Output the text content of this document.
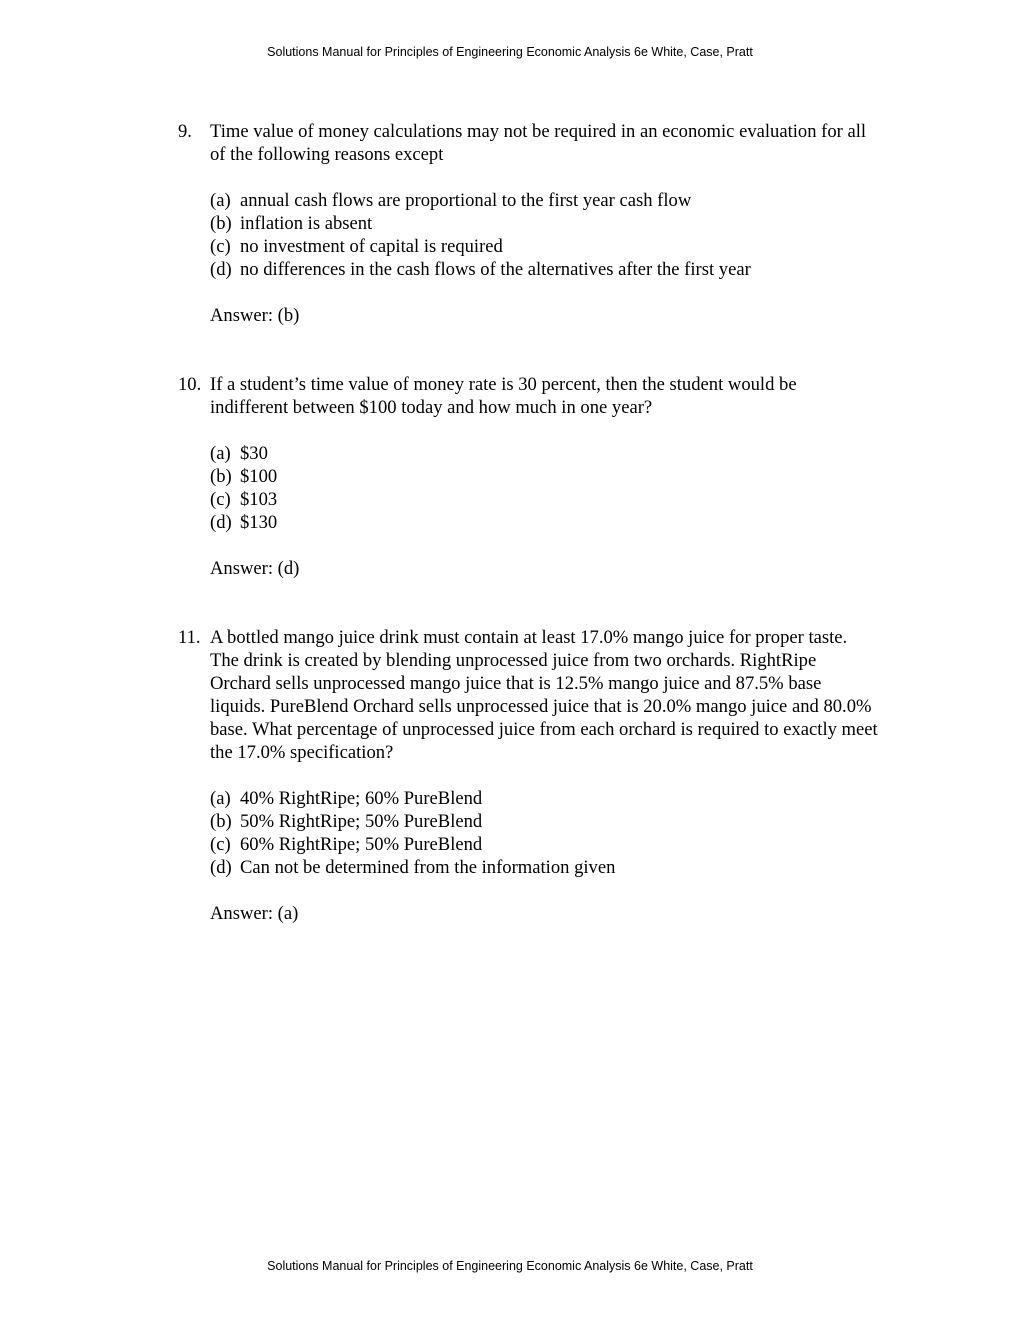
Solutions Manual for Principles of Engineering Economic Analysis 6e White, Case, Pratt
9. Time value of money calculations may not be required in an economic evaluation for all of the following reasons except
(a) annual cash flows are proportional to the first year cash flow
(b) inflation is absent
(c) no investment of capital is required
(d) no differences in the cash flows of the alternatives after the first year
Answer: (b)
10. If a student’s time value of money rate is 30 percent, then the student would be indifferent between $100 today and how much in one year?
(a) $30
(b) $100
(c) $103
(d) $130
Answer: (d)
11. A bottled mango juice drink must contain at least 17.0% mango juice for proper taste. The drink is created by blending unprocessed juice from two orchards. RightRipe Orchard sells unprocessed mango juice that is 12.5% mango juice and 87.5% base liquids. PureBlend Orchard sells unprocessed juice that is 20.0% mango juice and 80.0% base. What percentage of unprocessed juice from each orchard is required to exactly meet the 17.0% specification?
(a) 40% RightRipe; 60% PureBlend
(b) 50% RightRipe; 50% PureBlend
(c) 60% RightRipe; 50% PureBlend
(d) Can not be determined from the information given
Answer: (a)
Solutions Manual for Principles of Engineering Economic Analysis 6e White, Case, Pratt
